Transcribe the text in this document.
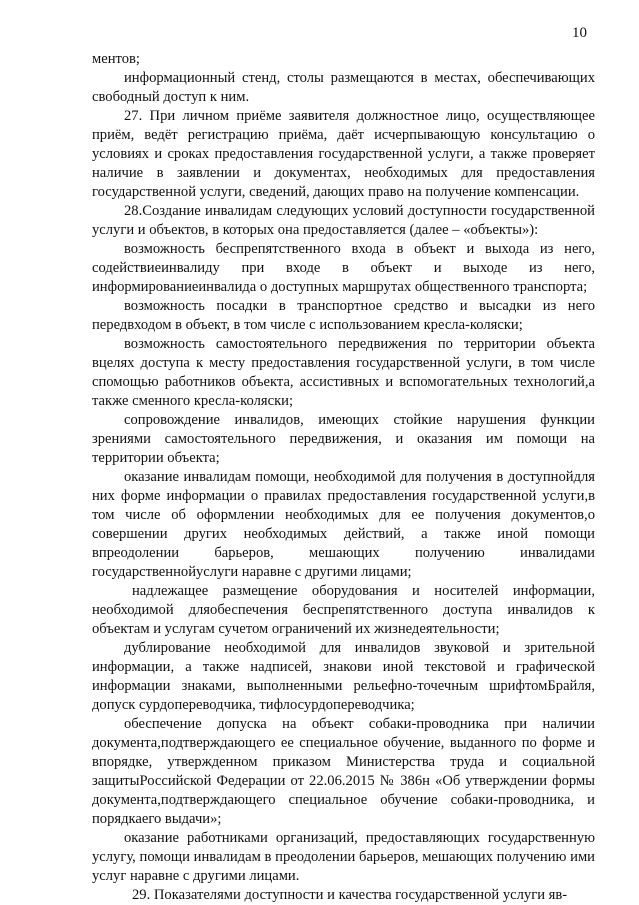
10

ментов;

информационный стенд, столы размещаются в местах, обеспечивающих свободный доступ к ним.

27. При личном приёме заявителя должностное лицо, осуществляющее приём, ведёт регистрацию приёма, даёт исчерпывающую консультацию о условиях и сроках предоставления государственной услуги, а также проверяет наличие в заявлении и документах, необходимых для предоставления государственной услуги, сведений, дающих право на получение компенсации.

28.Создание инвалидам следующих условий доступности государственной услуги и объектов, в которых она предоставляется (далее – «объекты»):

возможность беспрепятственного входа в объект и выхода из него, содействиеинвалиду при входе в объект и выходе из него, информированиеинвалида о доступных маршрутах общественного транспорта;

возможность посадки в транспортное средство и высадки из него передвходом в объект, в том числе с использованием кресла-коляски;

возможность самостоятельного передвижения по территории объекта вцелях доступа к месту предоставления государственной услуги, в том числе спомощью работников объекта, ассистивных и вспомогательных технологий,а также сменного кресла-коляски;

сопровождение инвалидов, имеющих стойкие нарушения функции зрениями самостоятельного передвижения, и оказания им помощи на территории объекта;

оказание инвалидам помощи, необходимой для получения в доступнойдля них форме информации о правилах предоставления государственной услуги,в том числе об оформлении необходимых для ее получения документов,о совершении других необходимых действий, а также иной помощи впреодолении барьеров, мешающих получению инвалидами государственнойуслуги наравне с другими лицами;

надлежащее размещение оборудования и носителей информации, необходимой дляобеспечения беспрепятственного доступа инвалидов к объектам и услугам сучетом ограничений их жизнедеятельности;

дублирование необходимой для инвалидов звуковой и зрительной информации, а также надписей, знакови иной текстовой и графической информации знаками, выполненными рельефно-точечным шрифтомБрайля, допуск сурдопереводчика, тифлосурдопереводчика;

обеспечение допуска на объект собаки-проводника при наличии документа,подтверждающего ее специальное обучение, выданного по форме и впорядке, утвержденном приказом Министерства труда и социальной защитыРоссийской Федерации от 22.06.2015 № 386н «Об утверждении формы документа,подтверждающего специальное обучение собаки-проводника, и порядкаего выдачи»;

оказание работниками организаций, предоставляющих государственную услугу, помощи инвалидам в преодолении барьеров, мешающих получению ими услуг наравне с другими лицами.

29. Показателями доступности и качества государственной услуги яв-
